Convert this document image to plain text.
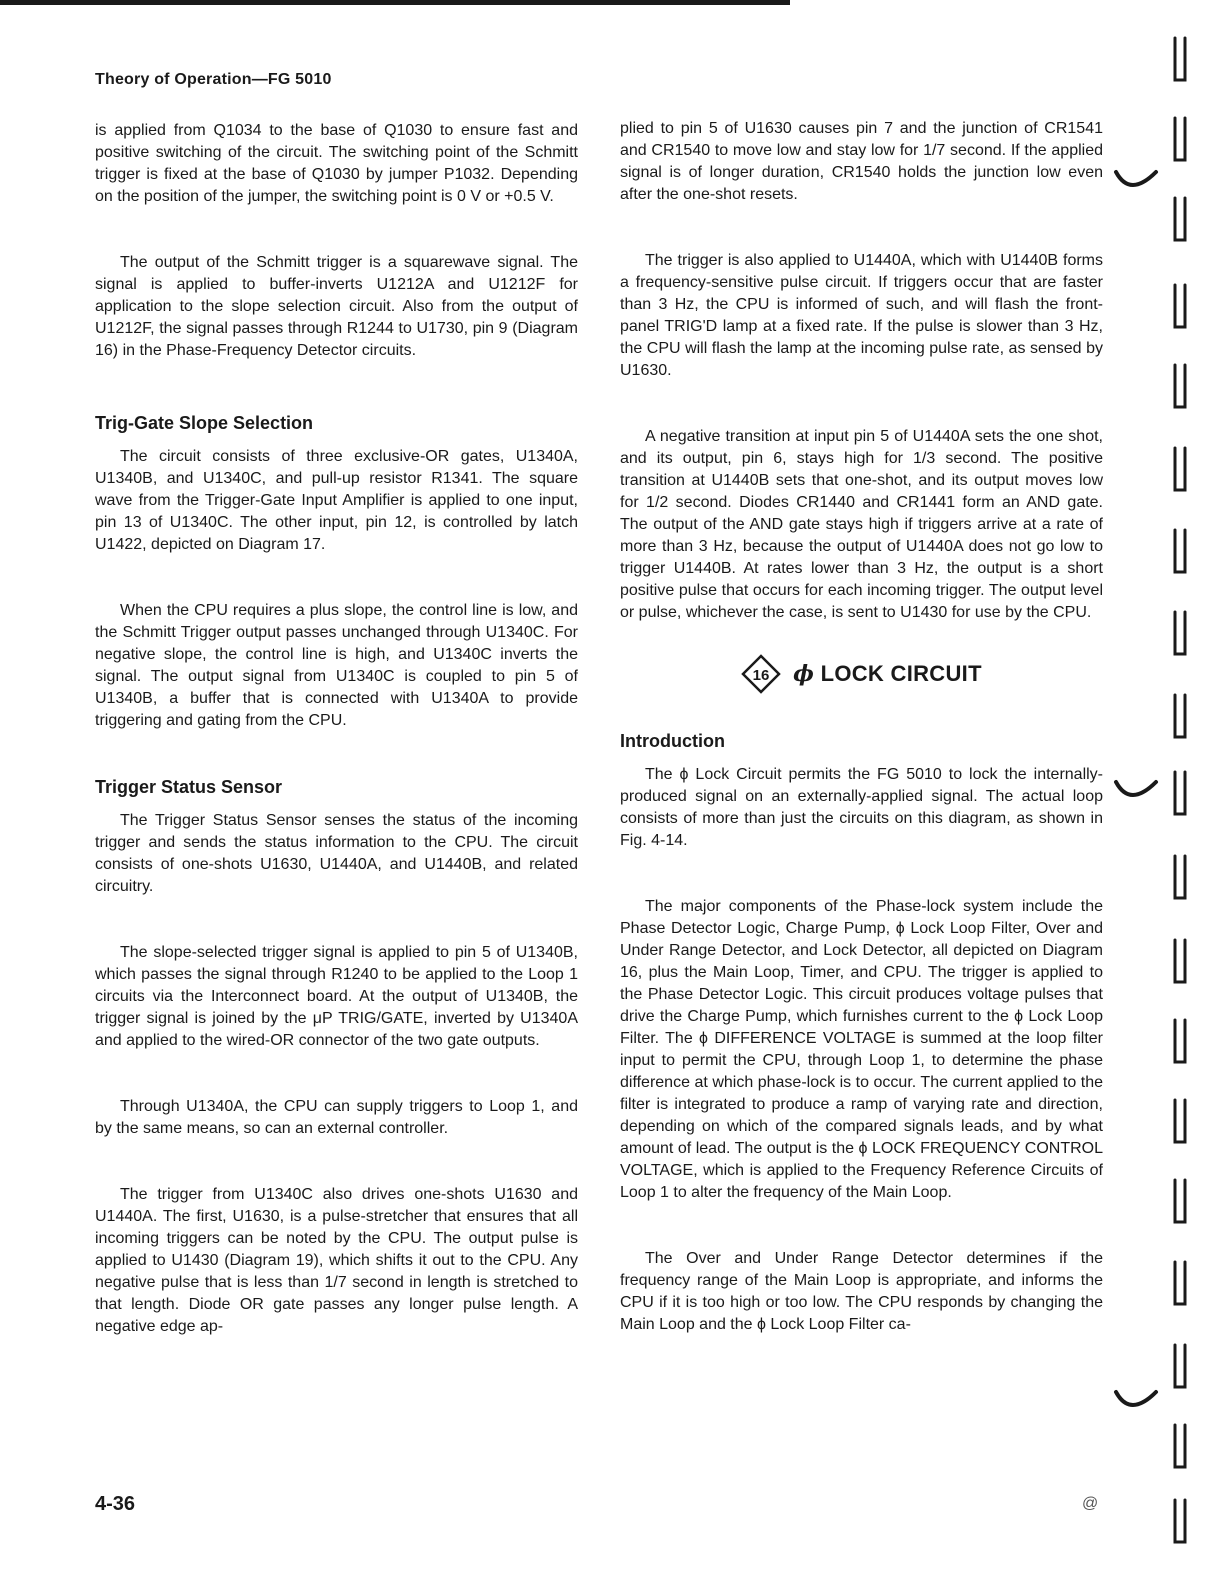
Theory of Operation—FG 5010

is applied from Q1034 to the base of Q1030 to ensure fast and positive switching of the circuit. The switching point of the Schmitt trigger is fixed at the base of Q1030 by jumper P1032. Depending on the position of the jumper, the switching point is 0 V or +0.5 V.

The output of the Schmitt trigger is a squarewave signal. The signal is applied to buffer-inverts U1212A and U1212F for application to the slope selection circuit. Also from the output of U1212F, the signal passes through R1244 to U1730, pin 9 (Diagram 16) in the Phase-Frequency Detector circuits.

Trig-Gate Slope Selection

The circuit consists of three exclusive-OR gates, U1340A, U1340B, and U1340C, and pull-up resistor R1341. The square wave from the Trigger-Gate Input Amplifier is applied to one input, pin 13 of U1340C. The other input, pin 12, is controlled by latch U1422, depicted on Diagram 17.

When the CPU requires a plus slope, the control line is low, and the Schmitt Trigger output passes unchanged through U1340C. For negative slope, the control line is high, and U1340C inverts the signal. The output signal from U1340C is coupled to pin 5 of U1340B, a buffer that is connected with U1340A to provide triggering and gating from the CPU.

Trigger Status Sensor

The Trigger Status Sensor senses the status of the incoming trigger and sends the status information to the CPU. The circuit consists of one-shots U1630, U1440A, and U1440B, and related circuitry.

The slope-selected trigger signal is applied to pin 5 of U1340B, which passes the signal through R1240 to be applied to the Loop 1 circuits via the Interconnect board. At the output of U1340B, the trigger signal is joined by the μP TRIG/GATE, inverted by U1340A and applied to the wired-OR connector of the two gate outputs.

Through U1340A, the CPU can supply triggers to Loop 1, and by the same means, so can an external controller.

The trigger from U1340C also drives one-shots U1630 and U1440A. The first, U1630, is a pulse-stretcher that ensures that all incoming triggers can be noted by the CPU. The output pulse is applied to U1430 (Diagram 19), which shifts it out to the CPU. Any negative pulse that is less than 1/7 second in length is stretched to that length. Diode OR gate passes any longer pulse length. A negative edge ap-

plied to pin 5 of U1630 causes pin 7 and the junction of CR1541 and CR1540 to move low and stay low for 1/7 second. If the applied signal is of longer duration, CR1540 holds the junction low even after the one-shot resets.

The trigger is also applied to U1440A, which with U1440B forms a frequency-sensitive pulse circuit. If triggers occur that are faster than 3 Hz, the CPU is informed of such, and will flash the front-panel TRIG'D lamp at a fixed rate. If the pulse is slower than 3 Hz, the CPU will flash the lamp at the incoming pulse rate, as sensed by U1630.

A negative transition at input pin 5 of U1440A sets the one shot, and its output, pin 6, stays high for 1/3 second. The positive transition at U1440B sets that one-shot, and its output moves low for 1/2 second. Diodes CR1440 and CR1441 form an AND gate. The output of the AND gate stays high if triggers arrive at a rate of more than 3 Hz, because the output of U1440A does not go low to trigger U1440B. At rates lower than 3 Hz, the output is a short positive pulse that occurs for each incoming trigger. The output level or pulse, whichever the case, is sent to U1430 for use by the CPU.

16 ϕ LOCK CIRCUIT
Introduction

The ϕ Lock Circuit permits the FG 5010 to lock the internally-produced signal on an externally-applied signal. The actual loop consists of more than just the circuits on this diagram, as shown in Fig. 4-14.

The major components of the Phase-lock system include the Phase Detector Logic, Charge Pump, ϕ Lock Loop Filter, Over and Under Range Detector, and Lock Detector, all depicted on Diagram 16, plus the Main Loop, Timer, and CPU. The trigger is applied to the Phase Detector Logic. This circuit produces voltage pulses that drive the Charge Pump, which furnishes current to the ϕ Lock Loop Filter. The ϕ DIFFERENCE VOLTAGE is summed at the loop filter input to permit the CPU, through Loop 1, to determine the phase difference at which phase-lock is to occur. The current applied to the filter is integrated to produce a ramp of varying rate and direction, depending on which of the compared signals leads, and by what amount of lead. The output is the ϕ LOCK FREQUENCY CONTROL VOLTAGE, which is applied to the Frequency Reference Circuits of Loop 1 to alter the frequency of the Main Loop.

The Over and Under Range Detector determines if the frequency range of the Main Loop is appropriate, and informs the CPU if it is too high or too low. The CPU responds by changing the Main Loop and the ϕ Lock Loop Filter ca-

4-36	@
